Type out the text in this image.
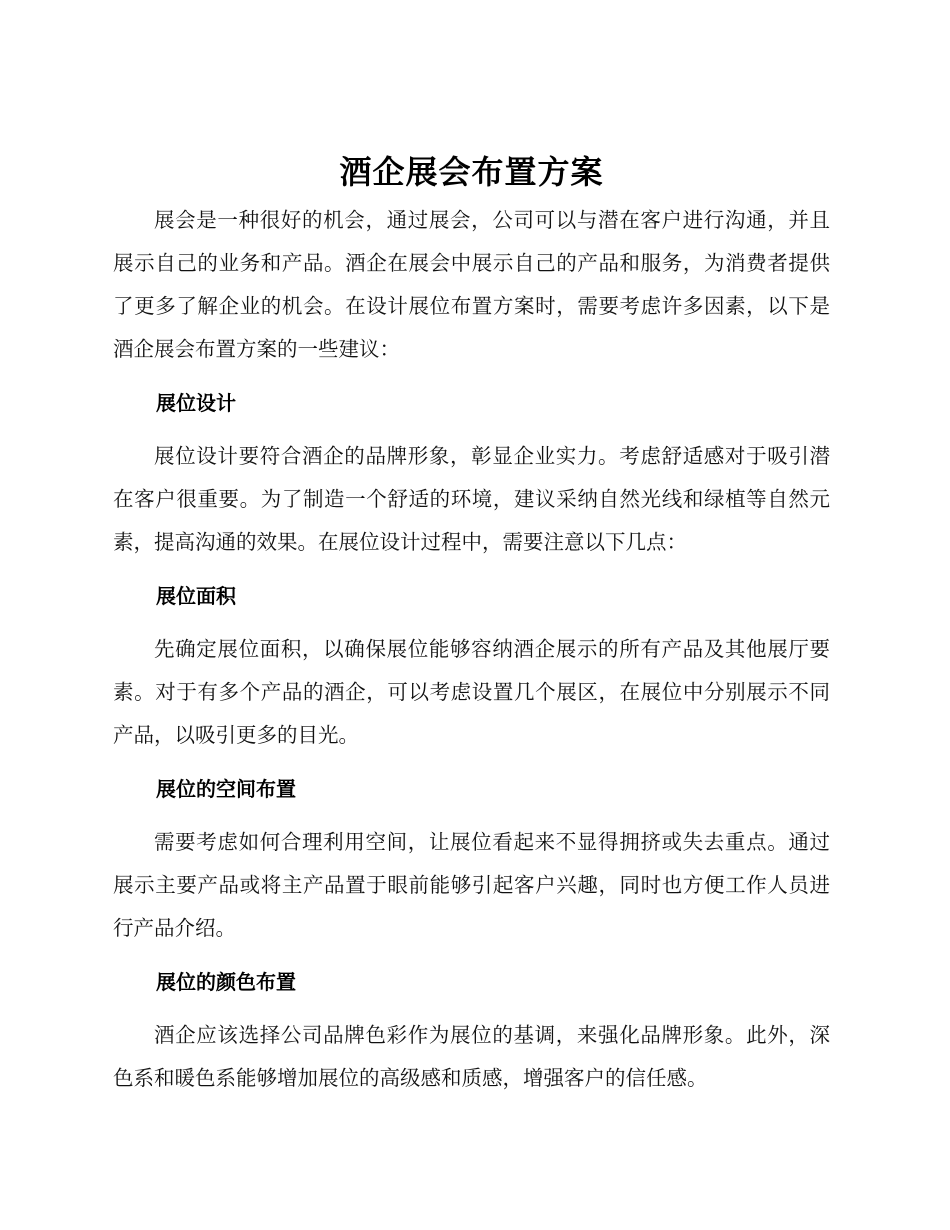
酒企展会布置方案

展会是一种很好的机会，通过展会，公司可以与潜在客户进行沟通，并且展示自己的业务和产品。酒企在展会中展示自己的产品和服务，为消费者提供了更多了解企业的机会。在设计展位布置方案时，需要考虑许多因素，以下是酒企展会布置方案的一些建议：

展位设计

展位设计要符合酒企的品牌形象，彰显企业实力。考虑舒适感对于吸引潜在客户很重要。为了制造一个舒适的环境，建议采纳自然光线和绿植等自然元素，提高沟通的效果。在展位设计过程中，需要注意以下几点：

展位面积

先确定展位面积，以确保展位能够容纳酒企展示的所有产品及其他展厅要素。对于有多个产品的酒企，可以考虑设置几个展区，在展位中分别展示不同产品，以吸引更多的目光。

展位的空间布置

需要考虑如何合理利用空间，让展位看起来不显得拥挤或失去重点。通过展示主要产品或将主产品置于眼前能够引起客户兴趣，同时也方便工作人员进行产品介绍。

展位的颜色布置

酒企应该选择公司品牌色彩作为展位的基调，来强化品牌形象。此外，深色系和暖色系能够增加展位的高级感和质感，增强客户的信任感。
